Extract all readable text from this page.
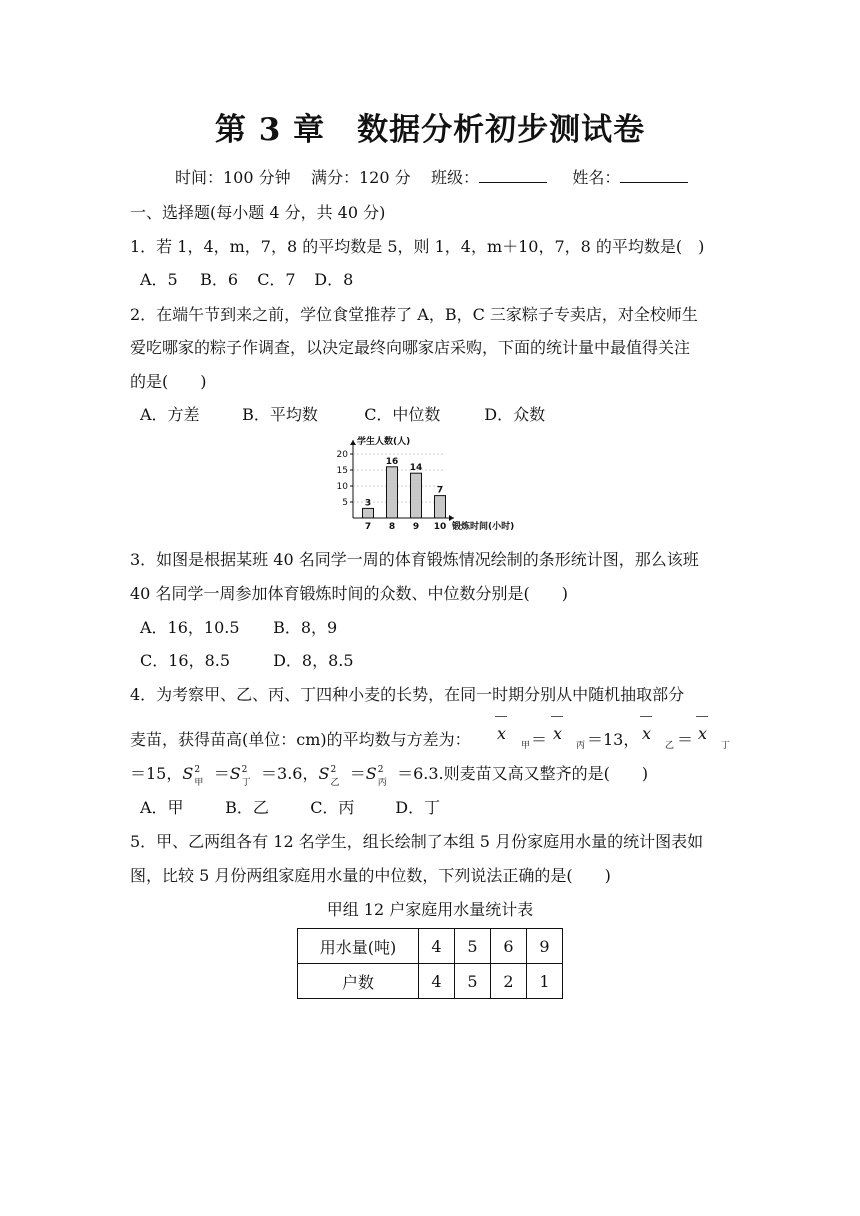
第 3 章　数据分析初步测试卷
时间：100 分钟 满分：120 分 班级：	姓名：
一、选择题(每小题 4 分，共 40 分)
1．若 1，4，m，7，8 的平均数是 5，则 1，4，m＋10，7，8 的平均数是(　)
A．5 B．6 C．7 D．8
2．在端午节到来之前，学位食堂推荐了 A，B，C 三家粽子专卖店，对全校师生
爱吃哪家的粽子作调查，以决定最终向哪家店采购，下面的统计量中最值得关注
的是(　　)
A．方差	B．平均数	C．中位数	D．众数
学生人数(人)
锻炼时间(小时)
5
10
15
20
3
7
16
8
14
9
7
10
3．如图是根据某班 40 名同学一周的体育锻炼情况绘制的条形统计图，那么该班
40 名同学一周参加体育锻炼时间的众数、中位数分别是(　　)
A．16，10.5 B．8，9
C．16，8.5	D．8，8.5
4．为考察甲、乙、丙、丁四种小麦的长势，在同一时期分别从中随机抽取部分
麦苗，获得苗高(单位：cm)的平均数与方差为： x
甲 ＝ x
丙 ＝13， x
乙 ＝ x
丁
＝15，S 2
甲 ＝S 2
丁 ＝3.6，S 2
乙 ＝S 2
丙 ＝6.3.则麦苗又高又整齐的是(　　)
A．甲	B．乙	C．丙	D．丁
5．甲、乙两组各有 12 名学生，组长绘制了本组 5 月份家庭用水量的统计图表如
图，比较 5 月份两组家庭用水量的中位数，下列说法正确的是(　　)
甲组 12 户家庭用水量统计表
用水量(吨)	4	5	6	9
户数	4	5	2	1
